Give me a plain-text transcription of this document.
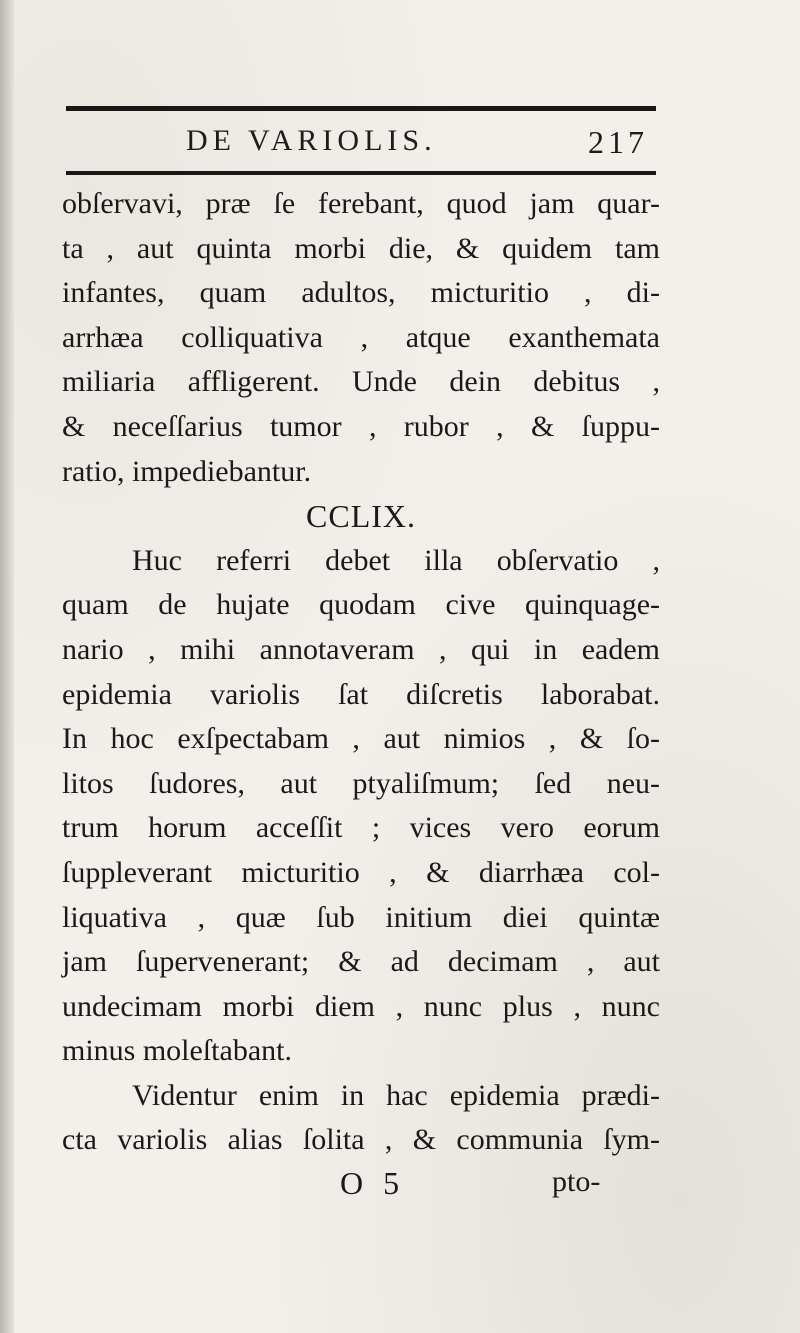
DE VARIOLIS.	217
obſervavi, præ ſe ferebant, quod jam quar-
ta , aut quinta morbi die, & quidem tam
infantes, quam adultos, micturitio , di-
arrhæa colliquativa , atque exanthemata
miliaria affligerent. Unde dein debitus ,
& neceſſarius tumor , rubor , & ſuppu-
ratio, impediebantur.
CCLIX.
Huc referri debet illa obſervatio ,
quam de hujate quodam cive quinquage-
nario , mihi annotaveram , qui in eadem
epidemia variolis ſat diſcretis laborabat.
In hoc exſpectabam , aut nimios , & ſo-
litos ſudores, aut ptyaliſmum; ſed neu-
trum horum acceſſit ; vices vero eorum
ſuppleverant micturitio , & diarrhæa col-
liquativa , quæ ſub initium diei quintæ
jam ſupervenerant; & ad decimam , aut
undecimam morbi diem , nunc plus , nunc
minus moleſtabant.
Videntur enim in hac epidemia prædi-
cta variolis alias ſolita , & communia ſym-
O 5	pto-
